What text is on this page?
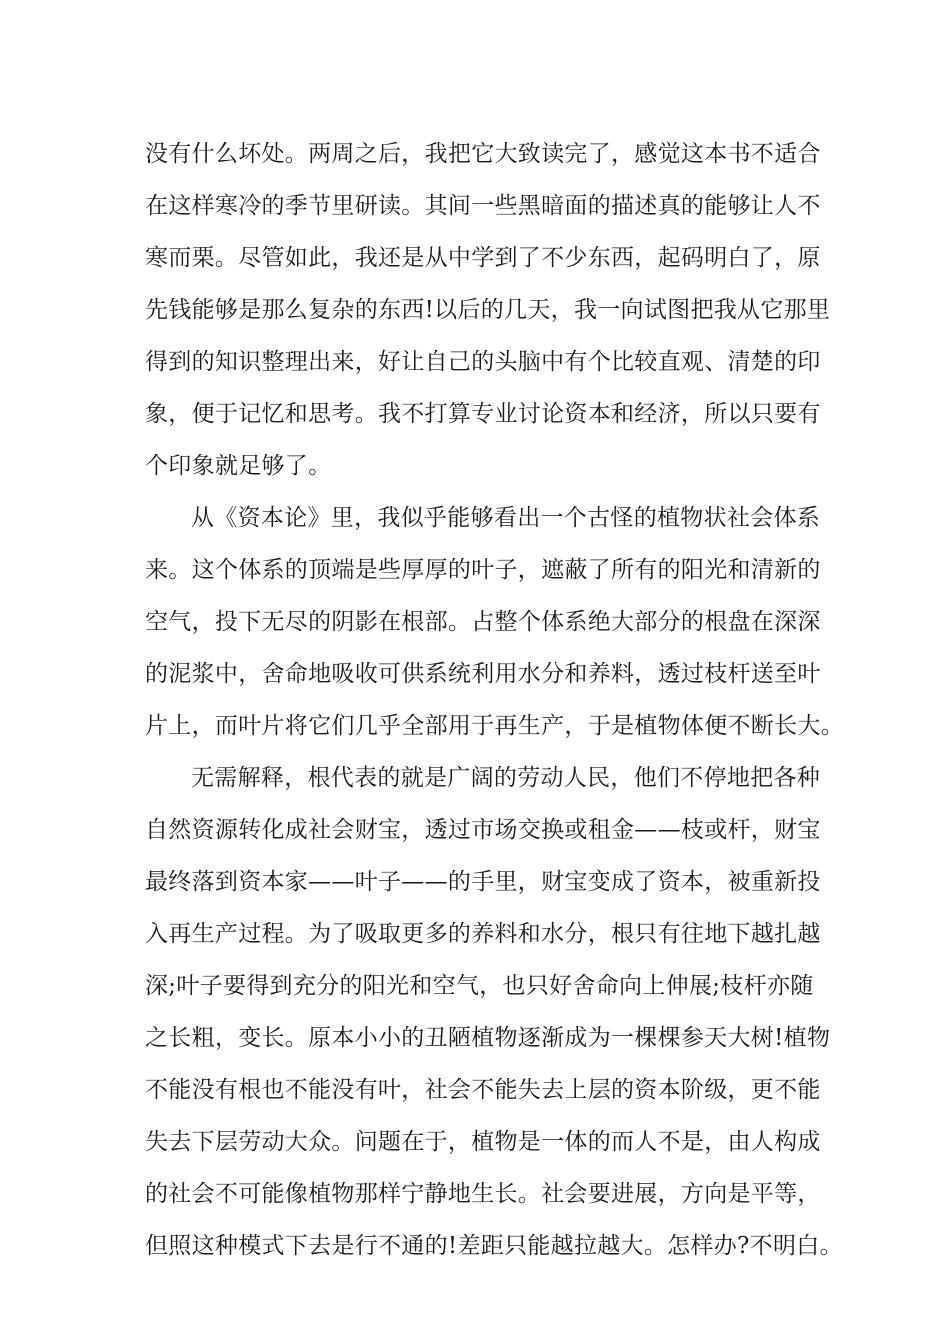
没有什么坏处。两周之后，我把它大致读完了，感觉这本书不适合
在这样寒冷的季节里研读。其间一些黑暗面的描述真的能够让人不
寒而栗。尽管如此，我还是从中学到了不少东西，起码明白了，原
先钱能够是那么复杂的东西!以后的几天，我一向试图把我从它那里
得到的知识整理出来，好让自己的头脑中有个比较直观、清楚的印
象，便于记忆和思考。我不打算专业讨论资本和经济，所以只要有
个印象就足够了。
从《资本论》里，我似乎能够看出一个古怪的植物状社会体系
来。这个体系的顶端是些厚厚的叶子，遮蔽了所有的阳光和清新的
空气，投下无尽的阴影在根部。占整个体系绝大部分的根盘在深深
的泥浆中，舍命地吸收可供系统利用水分和养料，透过枝杆送至叶
片上，而叶片将它们几乎全部用于再生产，于是植物体便不断长大。
无需解释，根代表的就是广阔的劳动人民，他们不停地把各种
自然资源转化成社会财宝，透过市场交换或租金——枝或杆，财宝
最终落到资本家——叶子——的手里，财宝变成了资本，被重新投
入再生产过程。为了吸取更多的养料和水分，根只有往地下越扎越
深;叶子要得到充分的阳光和空气，也只好舍命向上伸展;枝杆亦随
之长粗，变长。原本小小的丑陋植物逐渐成为一棵棵参天大树!植物
不能没有根也不能没有叶，社会不能失去上层的资本阶级，更不能
失去下层劳动大众。问题在于，植物是一体的而人不是，由人构成
的社会不可能像植物那样宁静地生长。社会要进展，方向是平等，
但照这种模式下去是行不通的!差距只能越拉越大。怎样办?不明白。
